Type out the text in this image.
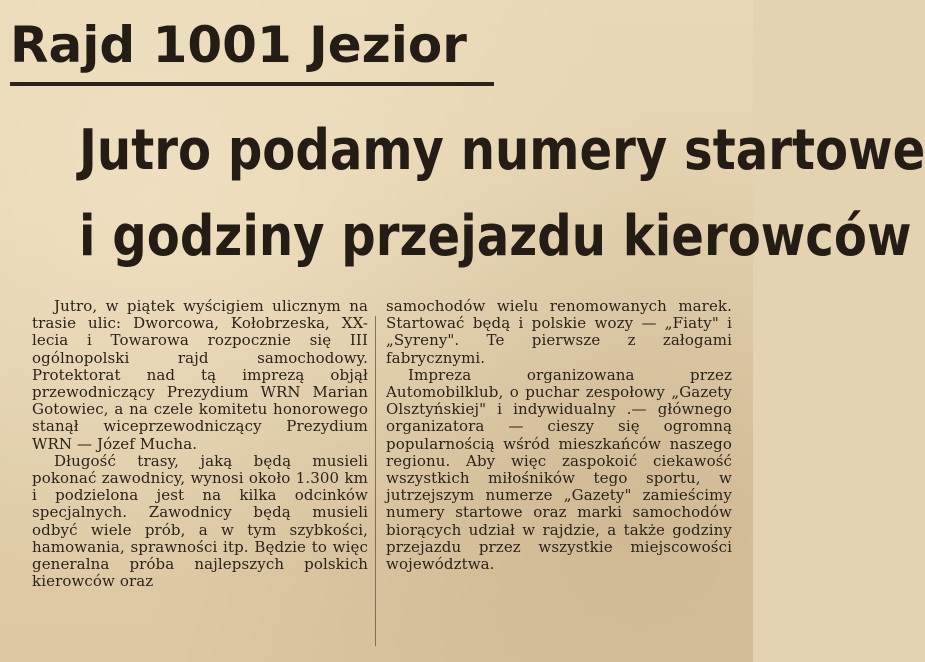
Rajd 1001 Jezior
Jutro podamy numery startowe
i godziny przejazdu kierowców

Jutro, w piątek wyścigiem ulicznym na trasie ulic: Dworcowa, Kołobrzeska, XX-lecia i Towarowa rozpocznie się III ogólnopolski rajd samochodowy. Protektorat nad tą imprezą objął przewodniczący Prezydium WRN Marian Gotowiec, a na czele komitetu honorowego stanął wiceprzewodniczący Prezydium WRN — Józef Mucha.

Długość trasy, jaką będą musieli pokonać zawodnicy, wynosi około 1.300 km i podzielona jest na kilka odcinków specjalnych. Zawodnicy będą musieli odbyć wiele prób, a w tym szybkości, hamowania, sprawności itp. Będzie to więc generalna próba najlepszych polskich kierowców oraz

samochodów wielu renomowanych marek. Startować będą i polskie wozy — „Fiaty" i „Syreny". Te pierwsze z załogami fabrycznymi.

Impreza organizowana przez Automobilklub, o puchar zespołowy „Gazety Olsztyńskiej" i indywidualny .— głównego organizatora — cieszy się ogromną popularnością wśród mieszkańców naszego regionu. Aby więc zaspokoić ciekawość wszystkich miłośników tego sportu, w jutrzejszym numerze „Gazety" zamieścimy numery startowe oraz marki samochodów biorących udział w rajdzie, a także godziny przejazdu przez wszystkie miejscowości województwa.
